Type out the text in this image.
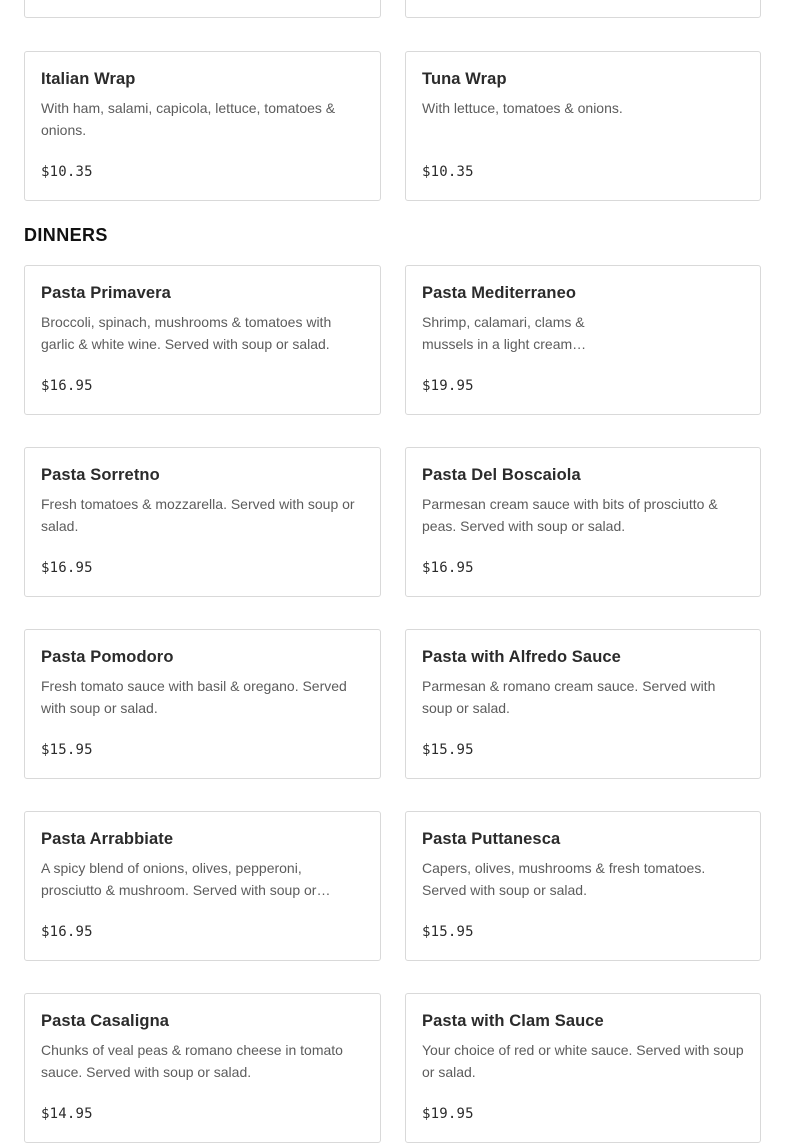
Italian Wrap
With ham, salami, capicola, lettuce, tomatoes & onions.
$10.35
Tuna Wrap
With lettuce, tomatoes & onions.
$10.35
DINNERS
Pasta Primavera
Broccoli, spinach, mushrooms & tomatoes with garlic & white wine. Served with soup or salad.
$16.95
Pasta Mediterraneo
Shrimp, calamari, clams & mussels in a light cream…
$19.95
Pasta Sorretno
Fresh tomatoes & mozzarella. Served with soup or salad.
$16.95
Pasta Del Boscaiola
Parmesan cream sauce with bits of prosciutto & peas. Served with soup or salad.
$16.95
Pasta Pomodoro
Fresh tomato sauce with basil & oregano. Served with soup or salad.
$15.95
Pasta with Alfredo Sauce
Parmesan & romano cream sauce. Served with soup or salad.
$15.95
Pasta Arrabbiate
A spicy blend of onions, olives, pepperoni, prosciutto & mushroom. Served with soup or…
$16.95
Pasta Puttanesca
Capers, olives, mushrooms & fresh tomatoes. Served with soup or salad.
$15.95
Pasta Casaligna
Chunks of veal peas & romano cheese in tomato sauce. Served with soup or salad.
$14.95
Pasta with Clam Sauce
Your choice of red or white sauce. Served with soup or salad.
$19.95
